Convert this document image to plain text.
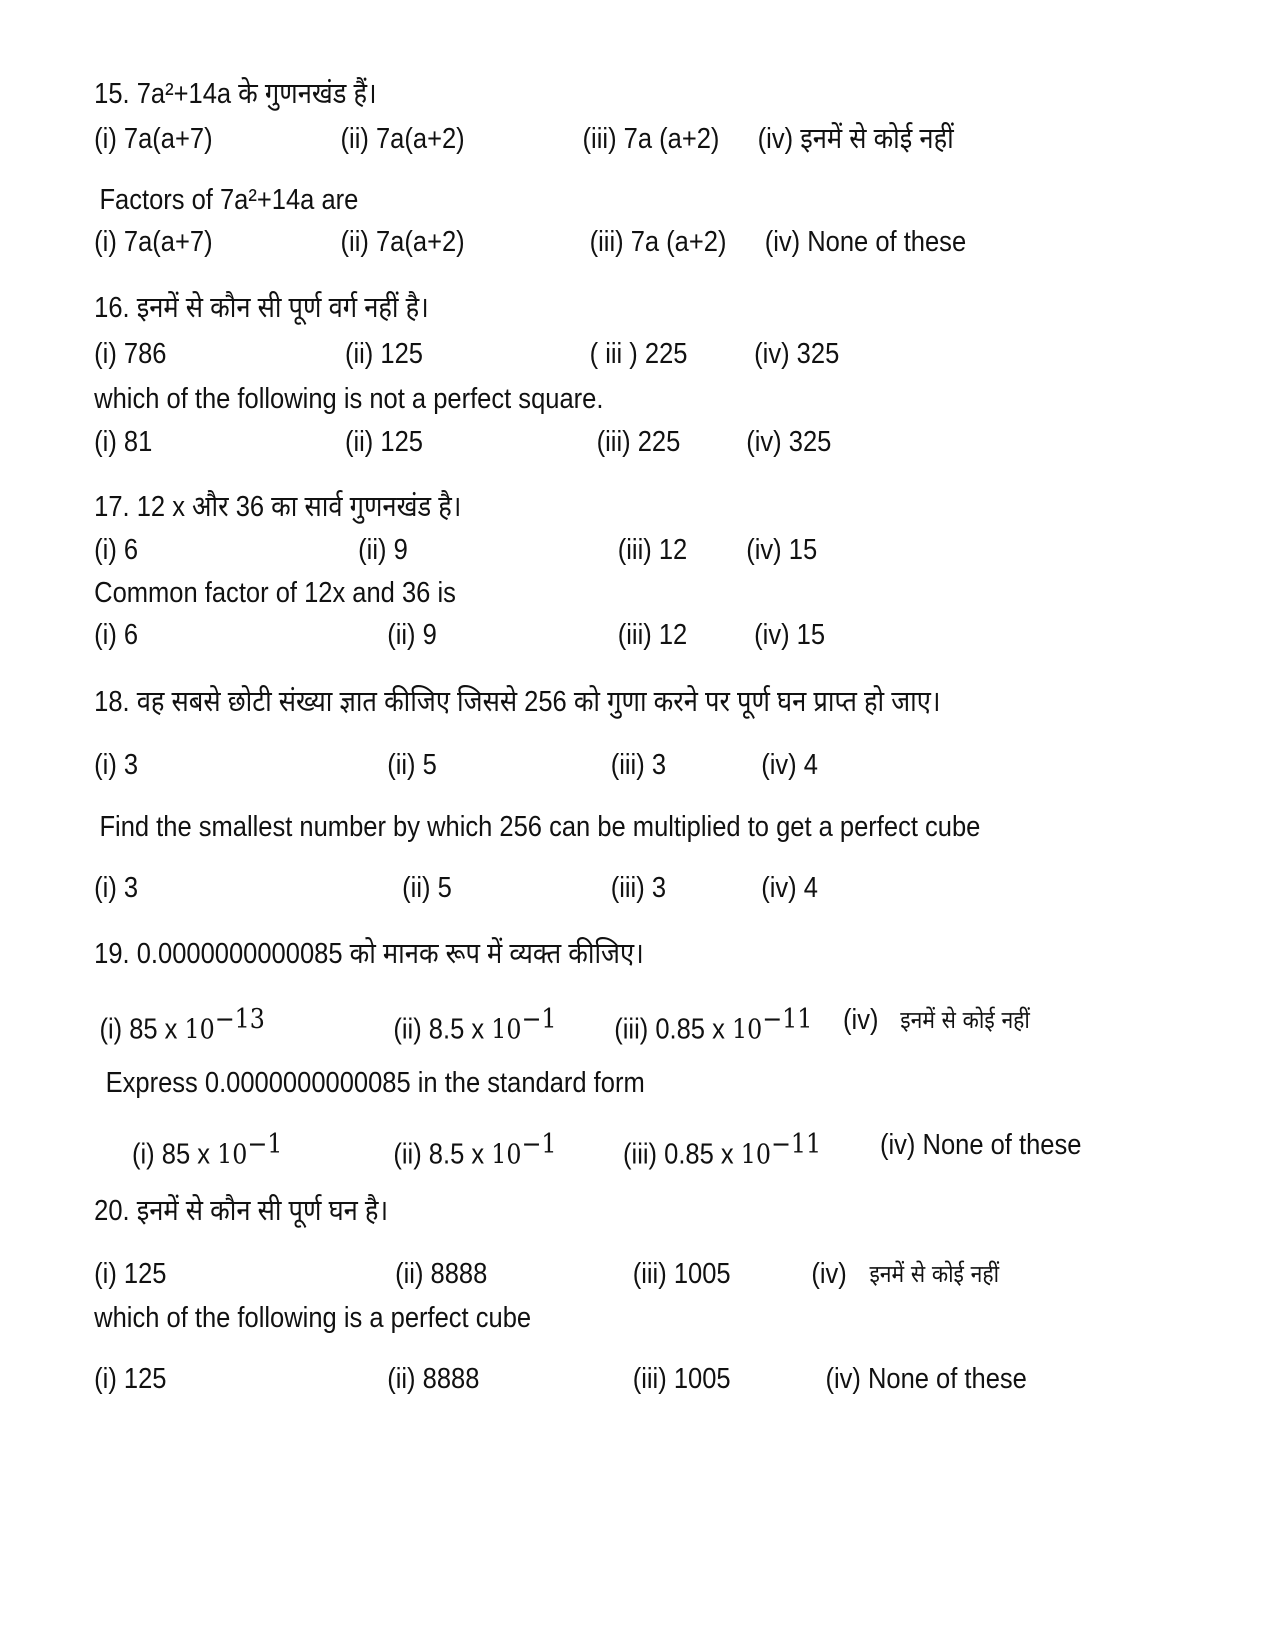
15. 7a²+14a के गुणनखंड हैं।
(i) 7a(a+7)	(ii) 7a(a+2)	(iii) 7a (a+2) (iv) इनमें से कोई नहीं
Factors of 7a²+14a are
(i) 7a(a+7)	(ii) 7a(a+2)	(iii) 7a (a+2) (iv) None of these
16. इनमें से कौन सी पूर्ण वर्ग नहीं है।
(i) 786	(ii) 125	( iii ) 225 (iv) 325
which of the following is not a perfect square.
(i) 81	(ii) 125	(iii) 225 (iv) 325
17. 12 x और 36 का सार्व गुणनखंड है।
(i) 6	(ii) 9	(iii) 12 (iv) 15
Common factor of 12x and 36 is
(i) 6	(ii) 9	(iii) 12 (iv) 15
18. वह सबसे छोटी संख्या ज्ञात कीजिए जिससे 256 को गुणा करने पर पूर्ण घन प्राप्त हो जाए।
(i) 3	(ii) 5	(iii) 3	(iv) 4
Find the smallest number by which 256 can be multiplied to get a perfect cube
(i) 3	(ii) 5	(iii) 3	(iv) 4
19. 0.0000000000085 को मानक रूप में व्यक्त कीजिए।
(i) 85 x $10^{-13}$	(ii) 8.5 x $10^{-1}$ (iii) 0.85 x $10^{-11}$ (iv) इनमें से कोई नहीं
Express 0.0000000000085 in the standard form
(i) 85 x $10^{-1}$	(ii) 8.5 x $10^{-1}$ (iii) 0.85 x $10^{-11}$ (iv) None of these
20. इनमें से कौन सी पूर्ण घन है।
(i) 125	(ii) 8888	(iii) 1005	(iv) इनमें से कोई नहीं
which of the following is a perfect cube
(i) 125	(ii) 8888	(iii) 1005	(iv) None of these
